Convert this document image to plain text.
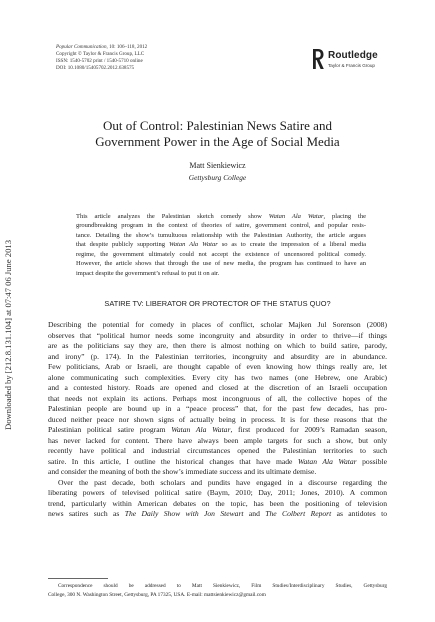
Popular Communication, 10: 106–118, 2012
Copyright © Taylor & Francis Group, LLC
ISSN: 1540-5702 print / 1540-5710 online
DOI: 10.1080/15405702.2012.638575
Routledge
Taylor & Francis Group
Downloaded by [212.8.131.104] at 07:47 06 June 2013
Out of Control: Palestinian News Satire and
Government Power in the Age of Social Media
Matt Sienkiewicz
Gettysburg College
This article analyzes the Palestinian sketch comedy show Watan Ala Watar, placing the
groundbreaking program in the context of theories of satire, government control, and popular resis-
tance. Detailing the show’s tumultuous relationship with the Palestinian Authority, the article argues
that despite publicly supporting Watan Ala Watar so as to create the impression of a liberal media
regime, the government ultimately could not accept the existence of uncensored political comedy.
However, the article shows that through the use of new media, the program has continued to have an
impact despite the government’s refusal to put it on air.
SATIRE TV: LIBERATOR OR PROTECTOR OF THE STATUS QUO?
Describing the potential for comedy in places of conflict, scholar Majken Jul Sorenson (2008)
observes that “political humor needs some incongruity and absurdity in order to thrive—if things
are as the politicians say they are, then there is almost nothing on which to build satire, parody,
and irony” (p. 174). In the Palestinian territories, incongruity and absurdity are in abundance.
Few politicians, Arab or Israeli, are thought capable of even knowing how things really are, let
alone communicating such complexities. Every city has two names (one Hebrew, one Arabic)
and a contested history. Roads are opened and closed at the discretion of an Israeli occupation
that needs not explain its actions. Perhaps most incongruous of all, the collective hopes of the
Palestinian people are bound up in a “peace process” that, for the past few decades, has pro-
duced neither peace nor shown signs of actually being in process. It is for these reasons that the
Palestinian political satire program Watan Ala Watar, first produced for 2009’s Ramadan season,
has never lacked for content. There have always been ample targets for such a show, but only
recently have political and industrial circumstances opened the Palestinian territories to such
satire. In this article, I outline the historical changes that have made Watan Ala Watar possible
and consider the meaning of both the show’s immediate success and its ultimate demise.
Over the past decade, both scholars and pundits have engaged in a discourse regarding the
liberating powers of televised political satire (Baym, 2010; Day, 2011; Jones, 2010). A common
trend, particularly within American debates on the topic, has been the positioning of television
news satires such as The Daily Show with Jon Stewart and The Colbert Report as antidotes to
Correspondence should be addressed to Matt Sienkiewicz, Film Studies/Interdisciplinary Studies, Gettysburg
College, 300 N. Washington Street, Gettysburg, PA 17325, USA. E-mail: mattsienkiewicz@gmail.com
